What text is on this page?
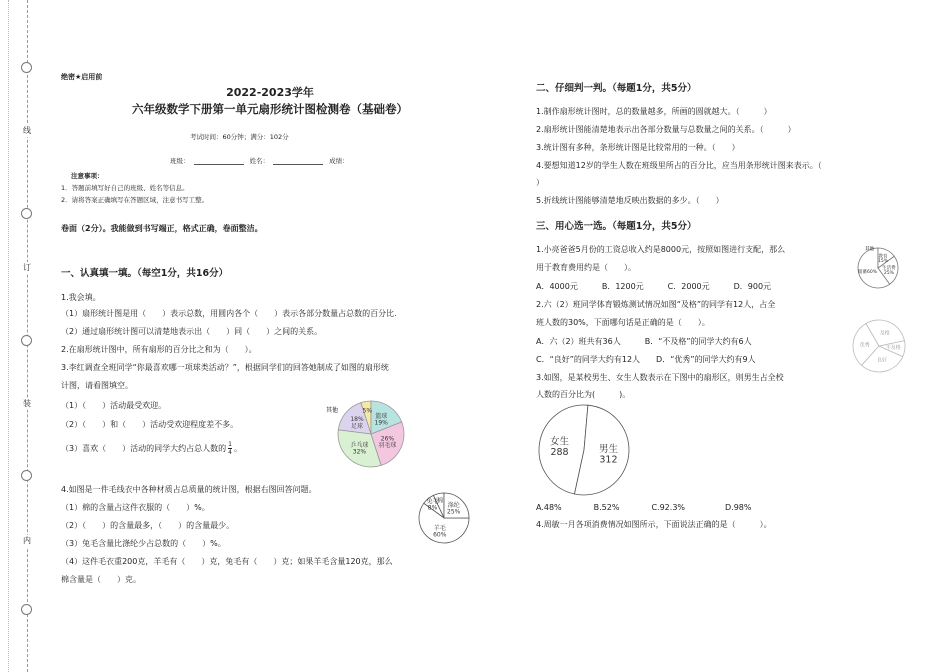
线
订
装
内
绝密★启用前
2022-2023学年
六年级数学下册第一单元扇形统计图检测卷（基础卷）
考试时间：60分钟；满分：102分
班级：	姓名：	成绩：
注意事项：
1．答题前填写好自己的班级、姓名等信息。
2．请将答案正确填写在答题区域，注意书写工整。
卷面（2分）。我能做到书写端正，格式正确，卷面整洁。
一、认真填一填。（每空1分，共16分）
1.我会填。
（1）扇形统计图是用（　　）表示总数，用圆内各个（　　）表示各部分数量占总数的百分比.
（2）通过扇形统计图可以清楚地表示出（　　）同（　　）之间的关系。
2.在扇形统计图中，所有扇形的百分比之和为（　　）。
3.李红调查全班同学“你最喜欢哪一项球类活动？”，根据同学们的回答她制成了如图的扇形统
计图，请看图填空。
（1）（　　）活动最受欢迎。
（2）（　　）和（　　）活动受欢迎程度差不多。
（3）喜欢（　　）活动的同学大约占总人数的 $\frac{1}{4}$ 。
4.如图是一件毛线衣中各种材质占总质量的统计图，根据右图回答问题。
（1）棉的含量占这件衣服的（　　）%。
（2）（　　）的含量最多，（　　）的含量最少。
（3）兔毛含量比涤纶少占总数的（　　）%。
（4）这件毛衣重200克，羊毛有（　　）克，兔毛有（　　）克；如果羊毛含量120克，那么
棉含量是（　　）克。
其他
篮球 19%
26%羽毛球
乒乓球 32%
18%足球
5%
涤纶 25%
羊毛 60%
兔毛 8%
棉
二、仔细判一判。（每题1分，共5分）
1.制作扇形统计图时，总的数量越多，所画的圆就越大。（　　　）
2.扇形统计图能清楚地表示出各部分数量与总数量之间的关系。（　　　）
3.统计图有多种，条形统计图是比较常用的一种。（　　）
4.要想知道12岁的学生人数在班级里所占的百分比，应当用条形统计图来表示。（
）
5.折线统计图能够清楚地反映出数据的多少。（　　）
三、用心选一选。（每题1分，共5分）
1.小亮爸爸5月份的工资总收入约是8000元，按照如图进行支配，那么
用于教育费用约是（　　）。
A．4000元　　　B．1200元　　　C．2000元　　　D．900元
2.六（2）班同学体育锻炼测试情况如图“及格”的同学有12人，占全
班人数的30%，下面哪句话是正确的是（　　）。
A．六（2）班共有36人　　　B．“不及格”的同学大约有6人
C．“良好”的同学大约有12人　　D．“优秀”的同学大约有9人
3.如图，是某校男生、女生人数表示在下图中的扇形区，则男生占全校
人数的百分比为(　　　)。
A.48%　　　　B.52%　　　　C.92.3%　　　　　D.98%
4.周敏一月各项消费情况如图所示，下面说法正确的是（　　　）。
其他
教育 15%
生活费 25%
储蓄60%
及格
不及格
良好
优秀
男生 312
女生 288
